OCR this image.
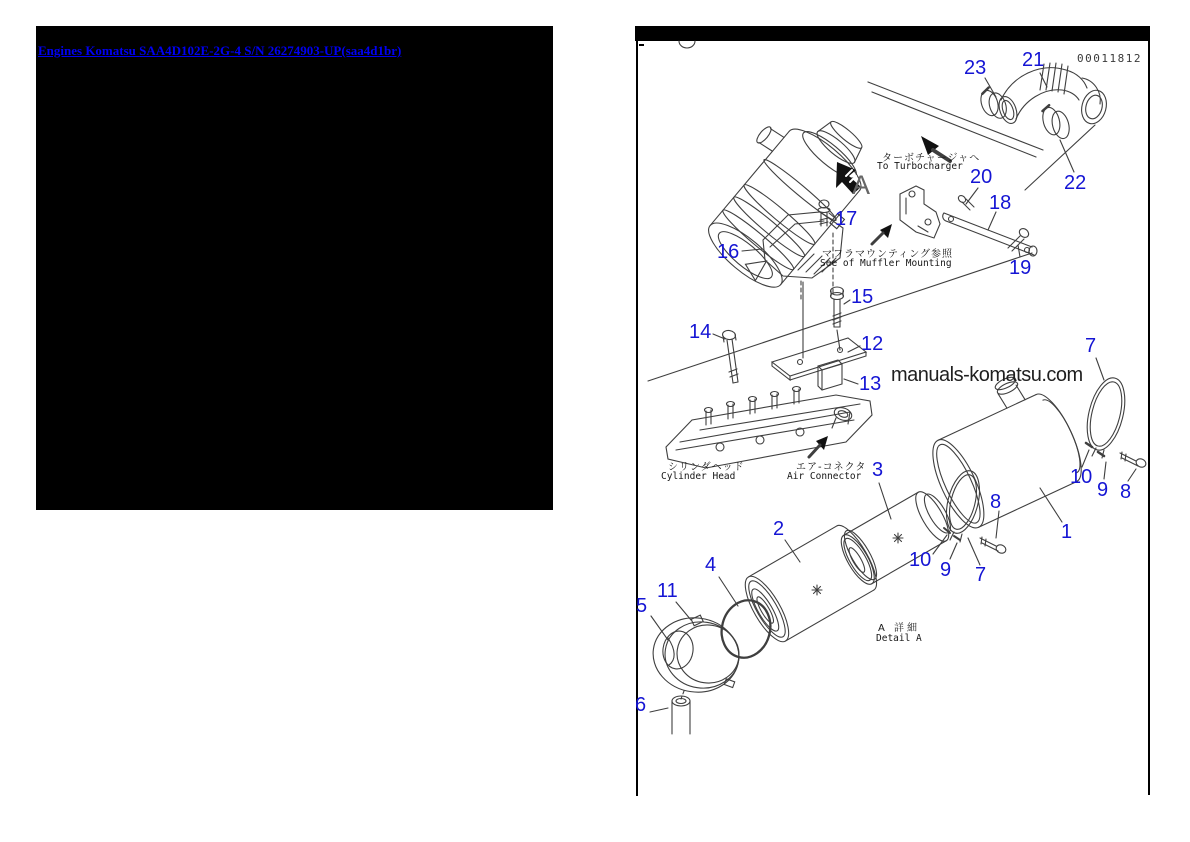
Engines Komatsu SAA4D102E-2G-4 S/N 26274903-UP(saa4d1br)
00011812
manuals-komatsu.com
A
ターボチャージャへ
To Turbocharger
マフラマウンティング参照
See of Muffler Mounting
シリンダヘッド
Cylinder Head
エア-コネクタ
Air Connector
A 詳細
Detail A
23 21
22
20
18
19
17
16
15
14
12
13
7
10
9 8
8
1
3
2
10 9 7
4
11
5
6
